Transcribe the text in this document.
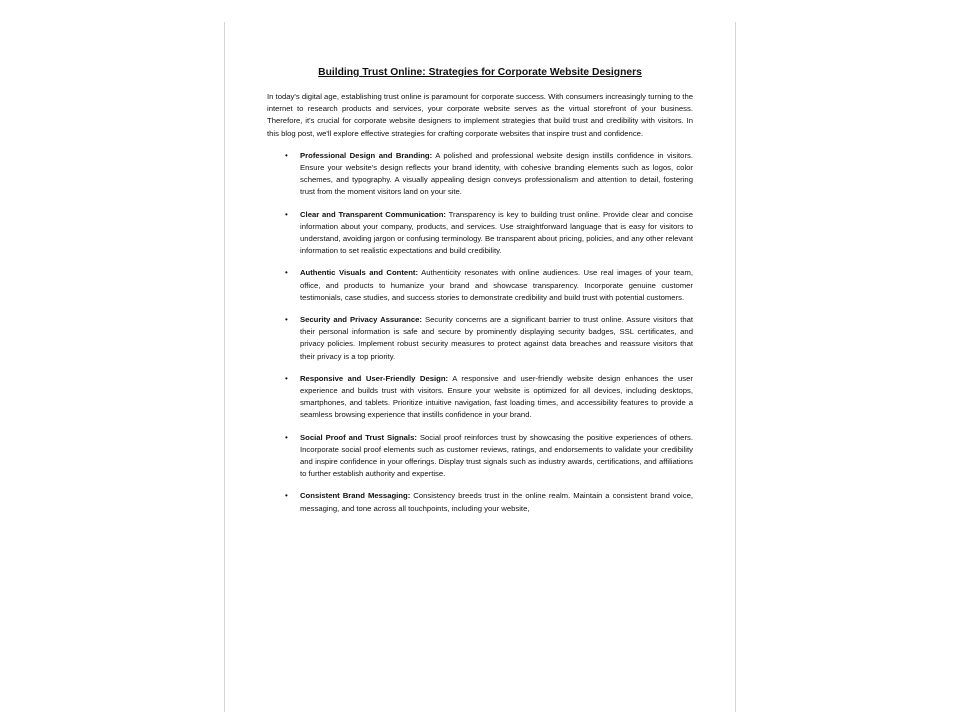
Building Trust Online: Strategies for Corporate Website Designers

In today's digital age, establishing trust online is paramount for corporate success. With consumers increasingly turning to the internet to research products and services, your corporate website serves as the virtual storefront of your business. Therefore, it's crucial for corporate website designers to implement strategies that build trust and credibility with visitors. In this blog post, we'll explore effective strategies for crafting corporate websites that inspire trust and confidence.

• Professional Design and Branding: A polished and professional website design instills confidence in visitors. Ensure your website's design reflects your brand identity, with cohesive branding elements such as logos, color schemes, and typography. A visually appealing design conveys professionalism and attention to detail, fostering trust from the moment visitors land on your site.
• Clear and Transparent Communication: Transparency is key to building trust online. Provide clear and concise information about your company, products, and services. Use straightforward language that is easy for visitors to understand, avoiding jargon or confusing terminology. Be transparent about pricing, policies, and any other relevant information to set realistic expectations and build credibility.
• Authentic Visuals and Content: Authenticity resonates with online audiences. Use real images of your team, office, and products to humanize your brand and showcase transparency. Incorporate genuine customer testimonials, case studies, and success stories to demonstrate credibility and build trust with potential customers.
• Security and Privacy Assurance: Security concerns are a significant barrier to trust online. Assure visitors that their personal information is safe and secure by prominently displaying security badges, SSL certificates, and privacy policies. Implement robust security measures to protect against data breaches and reassure visitors that their privacy is a top priority.
• Responsive and User-Friendly Design: A responsive and user-friendly website design enhances the user experience and builds trust with visitors. Ensure your website is optimized for all devices, including desktops, smartphones, and tablets. Prioritize intuitive navigation, fast loading times, and accessibility features to provide a seamless browsing experience that instills confidence in your brand.
• Social Proof and Trust Signals: Social proof reinforces trust by showcasing the positive experiences of others. Incorporate social proof elements such as customer reviews, ratings, and endorsements to validate your credibility and inspire confidence in your offerings. Display trust signals such as industry awards, certifications, and affiliations to further establish authority and expertise.
• Consistent Brand Messaging: Consistency breeds trust in the online realm. Maintain a consistent brand voice, messaging, and tone across all touchpoints, including your website,
